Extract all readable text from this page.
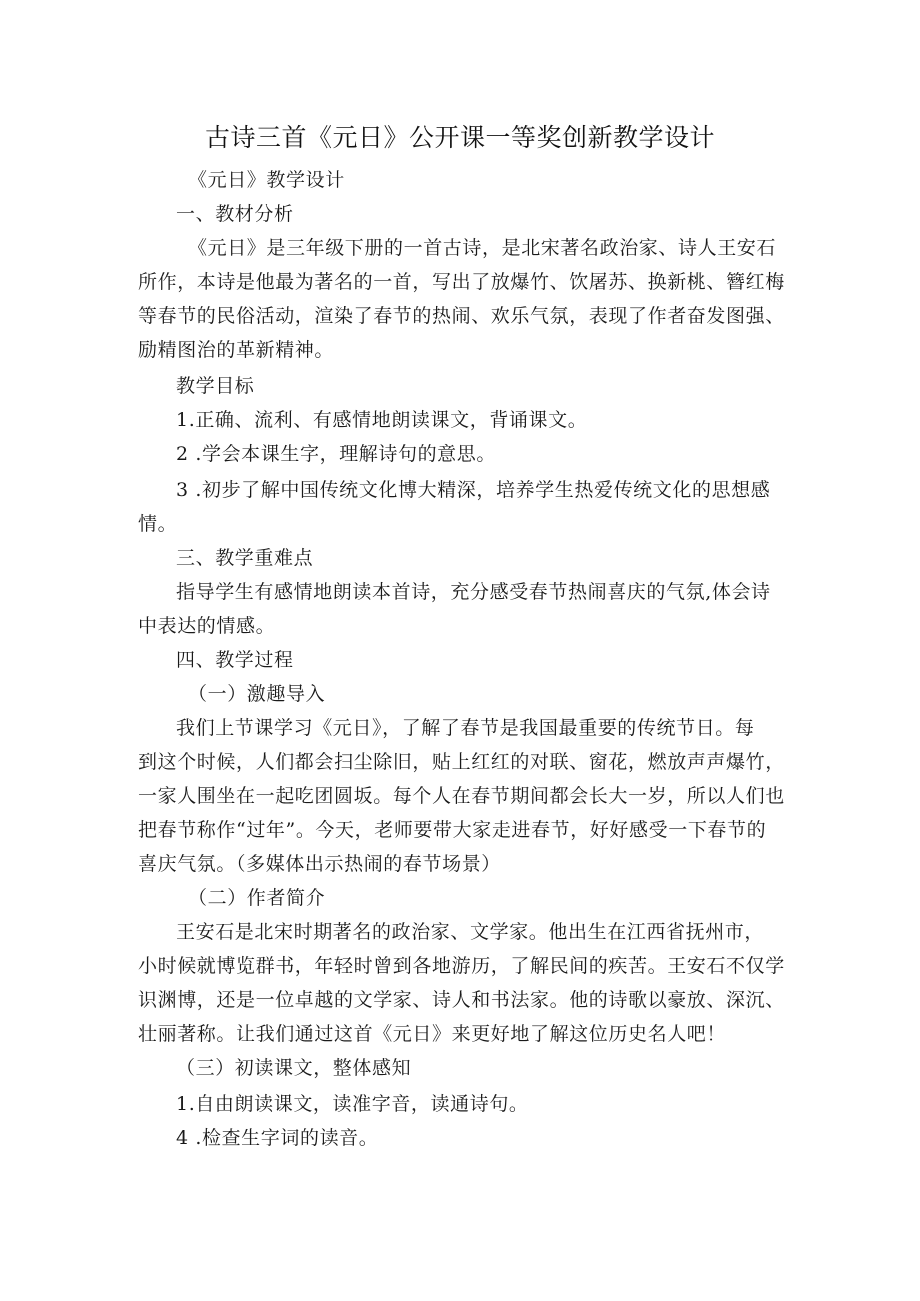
古诗三首《元日》公开课一等奖创新教学设计
《元日》教学设计
一、教材分析
《元日》是三年级下册的一首古诗，是北宋著名政治家、诗人王安石
所作，本诗是他最为著名的一首，写出了放爆竹、饮屠苏、换新桃、簪红梅
等春节的民俗活动，渲染了春节的热闹、欢乐气氛，表现了作者奋发图强、
励精图治的革新精神。
教学目标
1.正确、流利、有感情地朗读课文，背诵课文。
2 .学会本课生字，理解诗句的意思。
3 .初步了解中国传统文化博大精深，培养学生热爱传统文化的思想感
情。
三、教学重难点
指导学生有感情地朗读本首诗，充分感受春节热闹喜庆的气氛,体会诗
中表达的情感。
四、教学过程
（一）激趣导入
我们上节课学习《元日》，了解了春节是我国最重要的传统节日。每
到这个时候，人们都会扫尘除旧，贴上红红的对联、窗花，燃放声声爆竹，
一家人围坐在一起吃团圆坂。每个人在春节期间都会长大一岁，所以人们也
把春节称作“过年”。今天，老师要带大家走进春节，好好感受一下春节的
喜庆气氛。（多媒体出示热闹的春节场景）
（二）作者简介
王安石是北宋时期著名的政治家、文学家。他出生在江西省抚州市，
小时候就博览群书，年轻时曾到各地游历，了解民间的疾苦。王安石不仅学
识渊博，还是一位卓越的文学家、诗人和书法家。他的诗歌以豪放、深沉、
壮丽著称。让我们通过这首《元日》来更好地了解这位历史名人吧！
（三）初读课文，整体感知
1.自由朗读课文，读准字音，读通诗句。
4 .检查生字词的读音。
